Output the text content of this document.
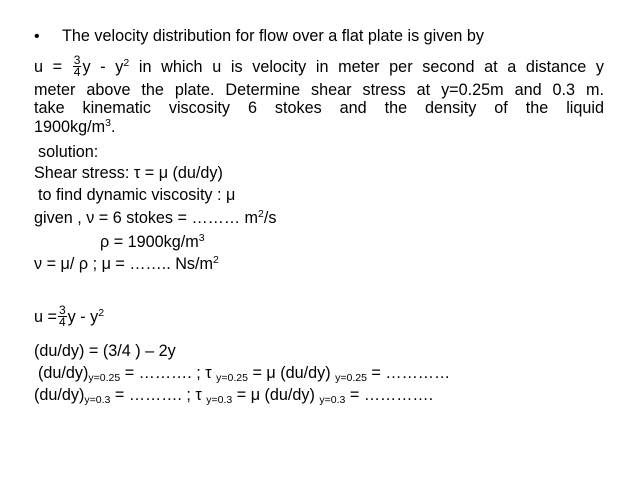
• The velocity distribution for flow over a flat plate is given by
$u = \frac{3}{4}$ y - $y^2$ in which u is velocity in meter per second at a distance y
meter above the plate. Determine shear stress at y=0.25m and 0.3 m.
take kinematic viscosity 6 stokes and the density of the liquid
$1900kg/m^3$.
solution:
Shear stress: τ = μ (du/dy)
to find dynamic viscosity : μ
given , ν = 6 stokes = ……… $m^2/s$
$\rho = 1900kg/m^3$
ν = μ/ ρ ; μ = …….. $Ns/m^2$
$u = \frac{3}{4}$ y - $y^2$
(du/dy) = (3/4 ) – 2y
$(du/dy)_{y=0.25}$ = ………. ; τ $_{y=0.25}$ = μ (du/dy) $_{y=0.25}$ = …………
$(du/dy)_{y=0.3}$ = ………. ; τ $_{y=0.3}$ = μ (du/dy) $_{y=0.3}$ = ………….
